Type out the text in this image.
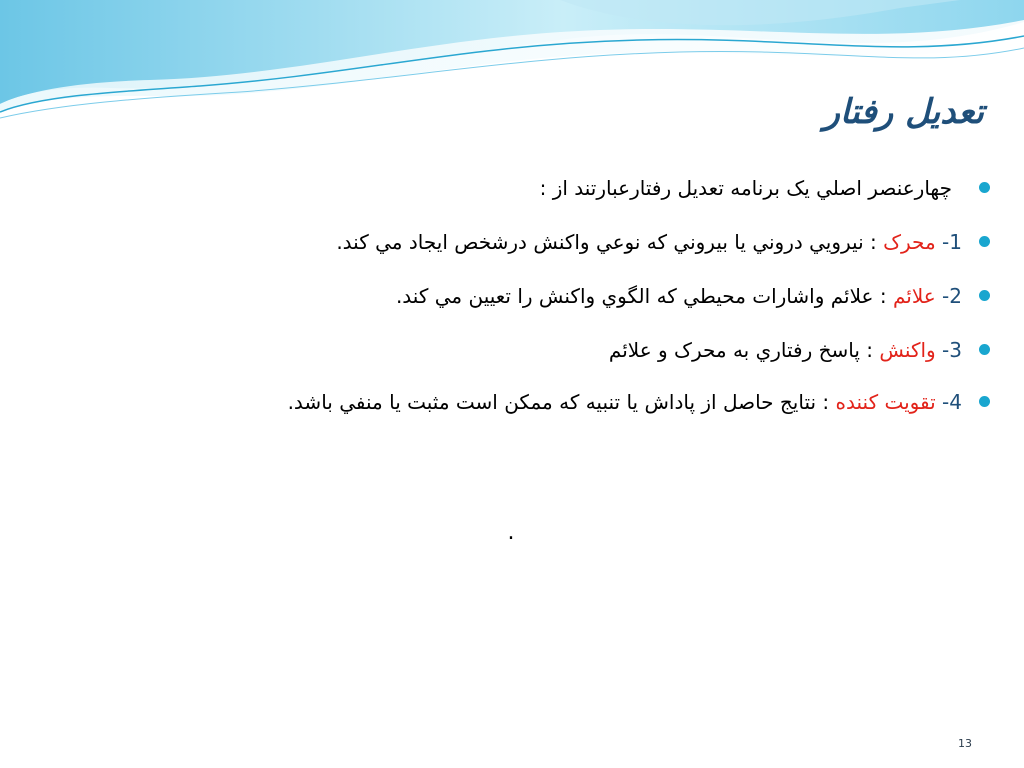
تعدیل رفتار

چهارعنصر اصلي يک برنامه تعديل رفتارعبارتند از :

1- محرک : نيرويي دروني يا بيروني که نوعي واکنش درشخص ايجاد مي کند.

2- علائم : علائم واشارات محيطي که الگوي واکنش را تعيين مي کند.

3- واکنش : پاسخ رفتاري به محرک و علائم

4- تقويت کننده : نتايج حاصل از پاداش يا تنبيه که ممکن است مثبت يا منفي باشد.

.
13
